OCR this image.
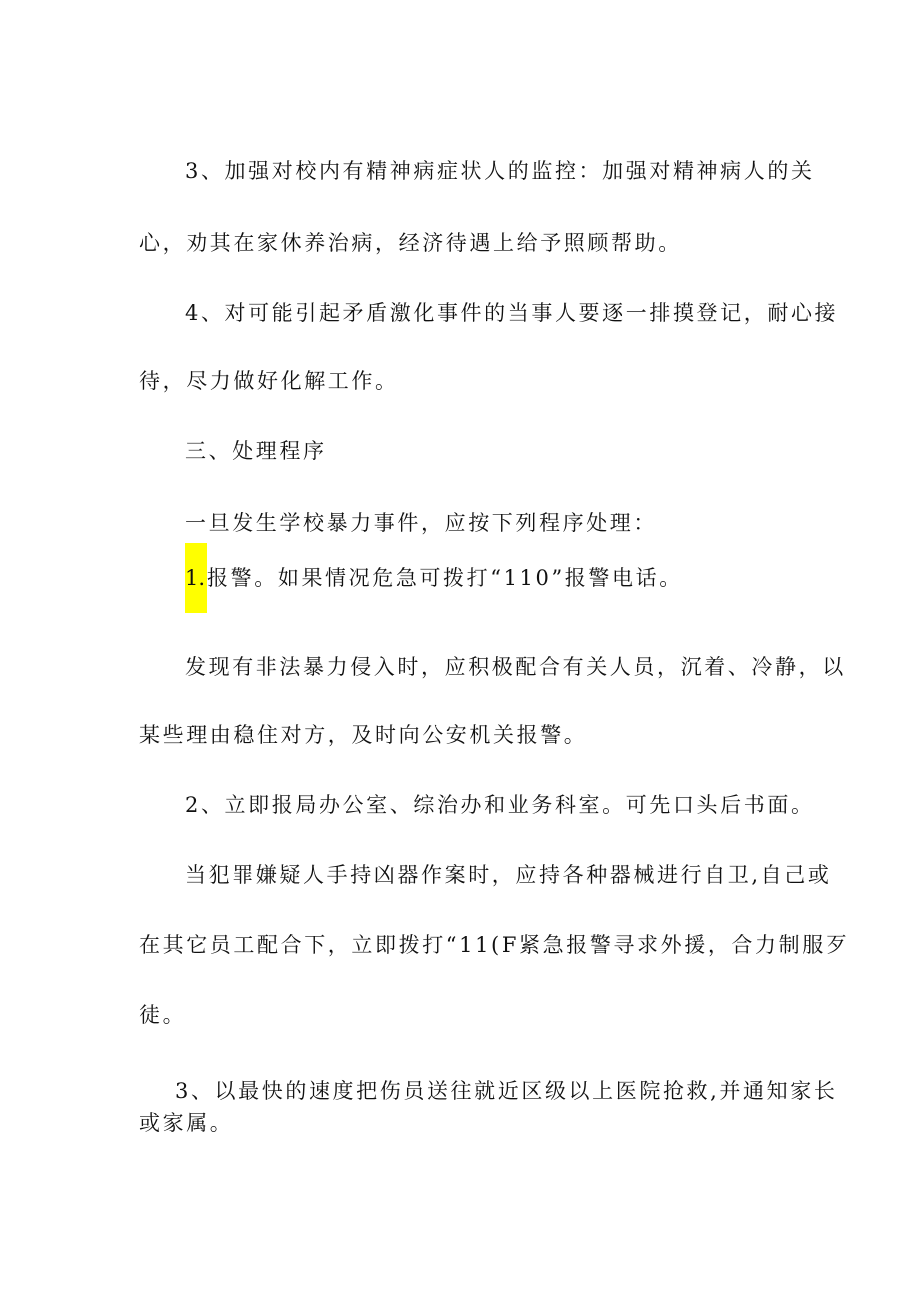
3、加强对校内有精神病症状人的监控：加强对精神病人的关

心，劝其在家休养治病，经济待遇上给予照顾帮助。

4、对可能引起矛盾激化事件的当事人要逐一排摸登记，耐心接

待，尽力做好化解工作。

三、处理程序

一旦发生学校暴力事件，应按下列程序处理：

1. 报警。如果情况危急可拨打“110”报警电话。

发现有非法暴力侵入时，应积极配合有关人员，沉着、冷静，以

某些理由稳住对方，及时向公安机关报警。

2、立即报局办公室、综治办和业务科室。可先口头后书面。

当犯罪嫌疑人手持凶器作案时，应持各种器械进行自卫,自己或

在其它员工配合下，立即拨打“11(F紧急报警寻求外援，合力制服歹

徒。

3、以最快的速度把伤员送往就近区级以上医院抢救,并通知家长

或家属。
